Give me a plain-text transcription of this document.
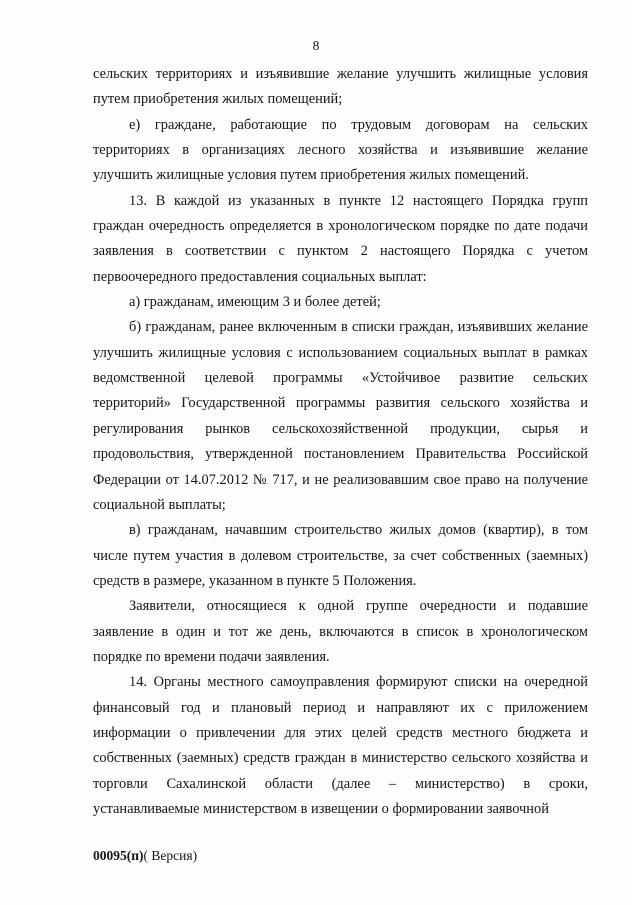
8

сельских территориях и изъявившие желание улучшить жилищные условия путем приобретения жилых помещений;

е) граждане, работающие по трудовым договорам на сельских территориях в организациях лесного хозяйства и изъявившие желание улучшить жилищные условия путем приобретения жилых помещений.

13. В каждой из указанных в пункте 12 настоящего Порядка групп граждан очередность определяется в хронологическом порядке по дате подачи заявления в соответствии с пунктом 2 настоящего Порядка с учетом первоочередного предоставления социальных выплат:

а) гражданам, имеющим 3 и более детей;

б) гражданам, ранее включенным в списки граждан, изъявивших желание улучшить жилищные условия с использованием социальных выплат в рамках ведомственной целевой программы «Устойчивое развитие сельских территорий» Государственной программы развития сельского хозяйства и регулирования рынков сельскохозяйственной продукции, сырья и продовольствия, утвержденной постановлением Правительства Российской Федерации от 14.07.2012 № 717, и не реализовавшим свое право на получение социальной выплаты;

в) гражданам, начавшим строительство жилых домов (квартир), в том числе путем участия в долевом строительстве, за счет собственных (заемных) средств в размере, указанном в пункте 5 Положения.

Заявители, относящиеся к одной группе очередности и подавшие заявление в один и тот же день, включаются в список в хронологическом порядке по времени подачи заявления.

14. Органы местного самоуправления формируют списки на очередной финансовый год и плановый период и направляют их с приложением информации о привлечении для этих целей средств местного бюджета и собственных (заемных) средств граждан в министерство сельского хозяйства и торговли Сахалинской области (далее – министерство) в сроки, устанавливаемые министерством в извещении о формировании заявочной

00095(п)( Версия)
